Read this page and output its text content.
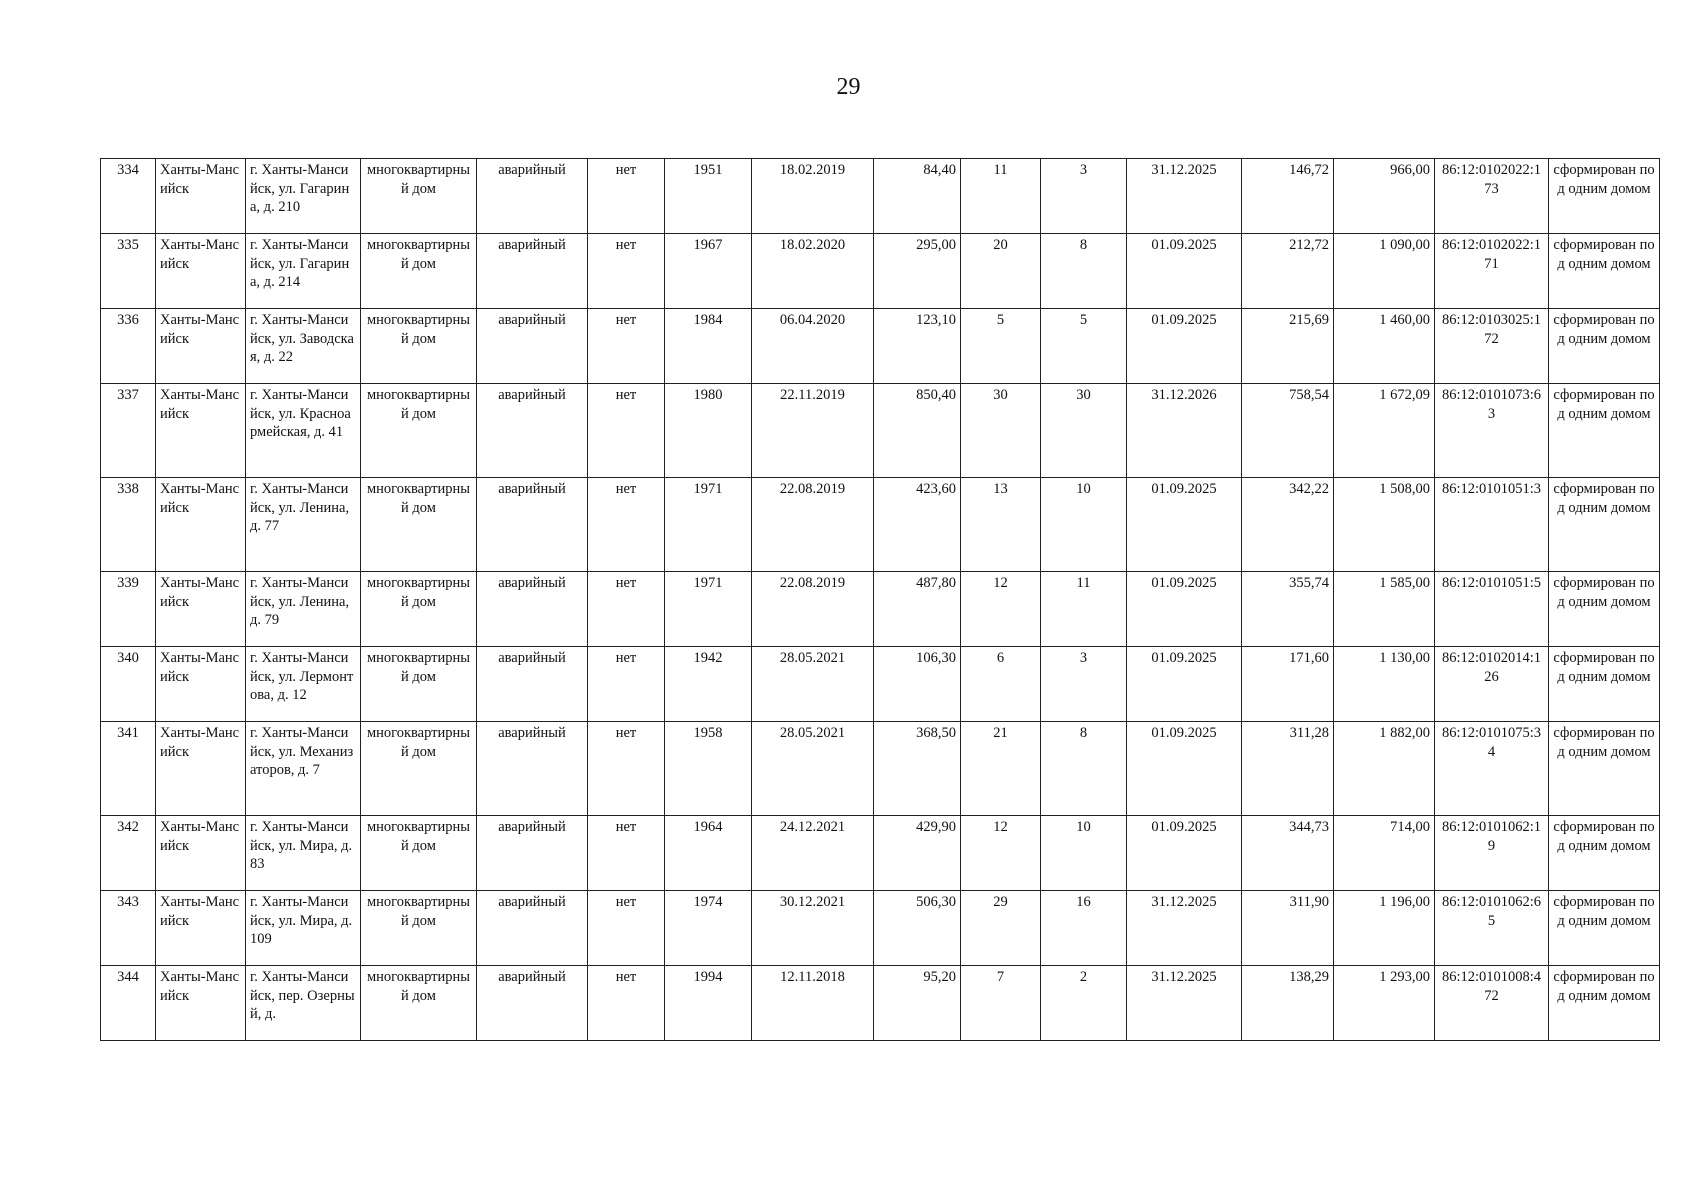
29
334	Ханты-Мансийск	г. Ханты-Мансийск, ул. Гагарина, д. 210	многоквартирный дом	аварийный	нет	1951	18.02.2019	84,40	11	3	31.12.2025	146,72	966,00	86:12:0102022:173	сформирован под одним домом
335	Ханты-Мансийск	г. Ханты-Мансийск, ул. Гагарина, д. 214	многоквартирный дом	аварийный	нет	1967	18.02.2020	295,00	20	8	01.09.2025	212,72	1 090,00	86:12:0102022:171	сформирован под одним домом
336	Ханты-Мансийск	г. Ханты-Мансийск, ул. Заводская, д. 22	многоквартирный дом	аварийный	нет	1984	06.04.2020	123,10	5	5	01.09.2025	215,69	1 460,00	86:12:0103025:172	сформирован под одним домом
337	Ханты-Мансийск	г. Ханты-Мансийск, ул. Красноармейская, д. 41	многоквартирный дом	аварийный	нет	1980	22.11.2019	850,40	30	30	31.12.2026	758,54	1 672,09	86:12:0101073:63	сформирован под одним домом
338	Ханты-Мансийск	г. Ханты-Мансийск, ул. Ленина, д. 77	многоквартирный дом	аварийный	нет	1971	22.08.2019	423,60	13	10	01.09.2025	342,22	1 508,00	86:12:0101051:3	сформирован под одним домом
339	Ханты-Мансийск	г. Ханты-Мансийск, ул. Ленина, д. 79	многоквартирный дом	аварийный	нет	1971	22.08.2019	487,80	12	11	01.09.2025	355,74	1 585,00	86:12:0101051:5	сформирован под одним домом
340	Ханты-Мансийск	г. Ханты-Мансийск, ул. Лермонтова, д. 12	многоквартирный дом	аварийный	нет	1942	28.05.2021	106,30	6	3	01.09.2025	171,60	1 130,00	86:12:0102014:126	сформирован под одним домом
341	Ханты-Мансийск	г. Ханты-Мансийск, ул. Механизаторов, д. 7	многоквартирный дом	аварийный	нет	1958	28.05.2021	368,50	21	8	01.09.2025	311,28	1 882,00	86:12:0101075:34	сформирован под одним домом
342	Ханты-Мансийск	г. Ханты-Мансийск, ул. Мира, д. 83	многоквартирный дом	аварийный	нет	1964	24.12.2021	429,90	12	10	01.09.2025	344,73	714,00	86:12:0101062:19	сформирован под одним домом
343	Ханты-Мансийск	г. Ханты-Мансийск, ул. Мира, д. 109	многоквартирный дом	аварийный	нет	1974	30.12.2021	506,30	29	16	31.12.2025	311,90	1 196,00	86:12:0101062:65	сформирован под одним домом
344	Ханты-Мансийск	г. Ханты-Мансийск, пер. Озерный, д.	многоквартирный дом	аварийный	нет	1994	12.11.2018	95,20	7	2	31.12.2025	138,29	1 293,00	86:12:0101008:472	сформирован под одним домом
